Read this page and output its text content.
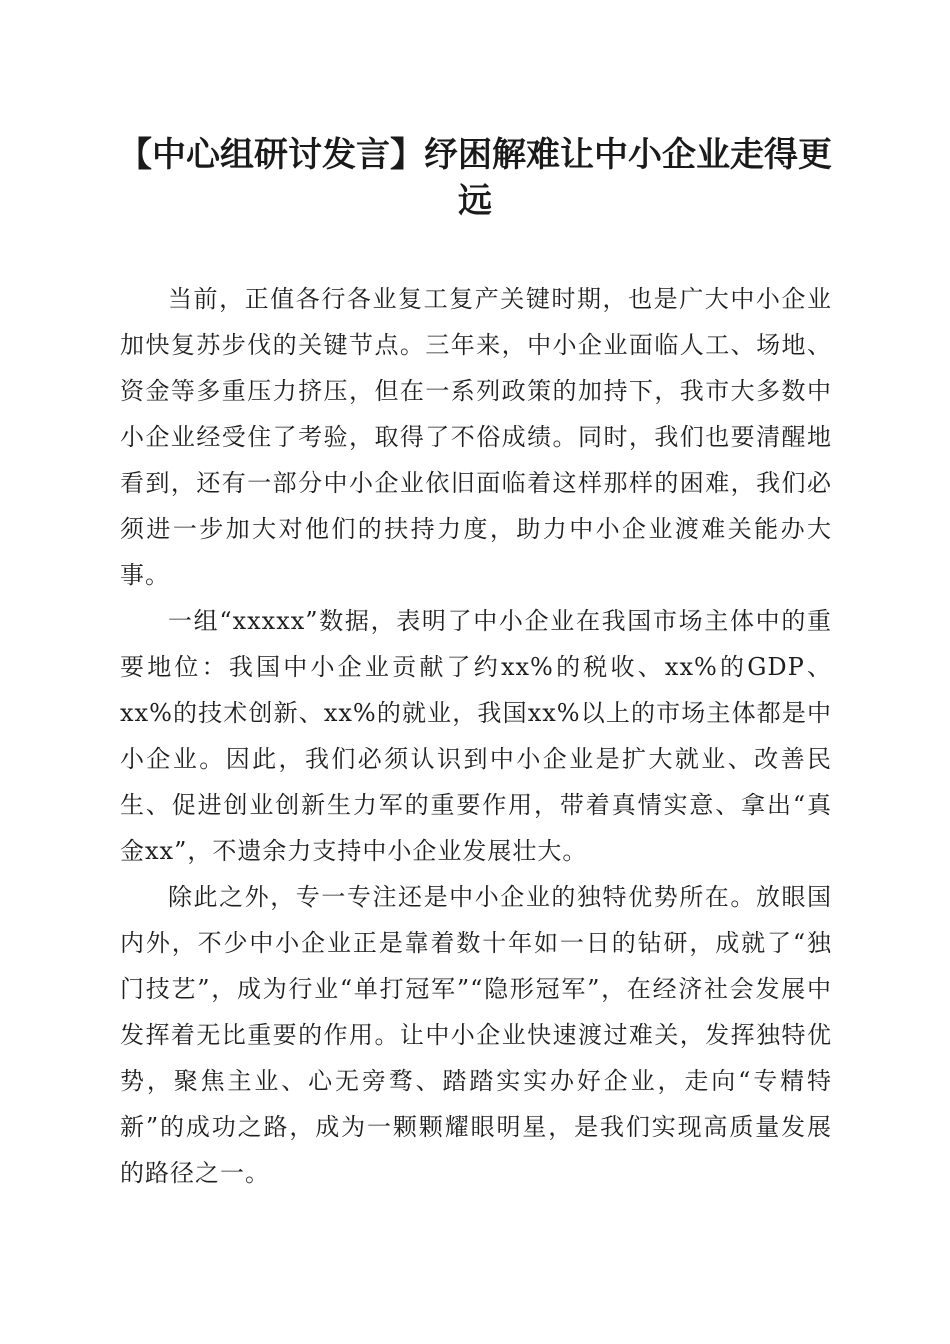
【中心组研讨发言】纾困解难让中小企业走得更远

当前，正值各行各业复工复产关键时期，也是广大中小企业加快复苏步伐的关键节点。三年来，中小企业面临人工、场地、资金等多重压力挤压，但在一系列政策的加持下，我市大多数中小企业经受住了考验，取得了不俗成绩。同时，我们也要清醒地看到，还有一部分中小企业依旧面临着这样那样的困难，我们必须进一步加大对他们的扶持力度，助力中小企业渡难关能办大事。

一组“xxxxx”数据，表明了中小企业在我国市场主体中的重要地位：我国中小企业贡献了约xx%的税收、xx%的GDP、xx%的技术创新、xx%的就业，我国xx%以上的市场主体都是中小企业。因此，我们必须认识到中小企业是扩大就业、改善民生、促进创业创新生力军的重要作用，带着真情实意、拿出“真金xx”，不遗余力支持中小企业发展壮大。

除此之外，专一专注还是中小企业的独特优势所在。放眼国内外，不少中小企业正是靠着数十年如一日的钻研，成就了“独门技艺”，成为行业“单打冠军”“隐形冠军”，在经济社会发展中发挥着无比重要的作用。让中小企业快速渡过难关，发挥独特优势，聚焦主业、心无旁骛、踏踏实实办好企业，走向“专精特新”的成功之路，成为一颗颗耀眼明星，是我们实现高质量发展的路径之一。
